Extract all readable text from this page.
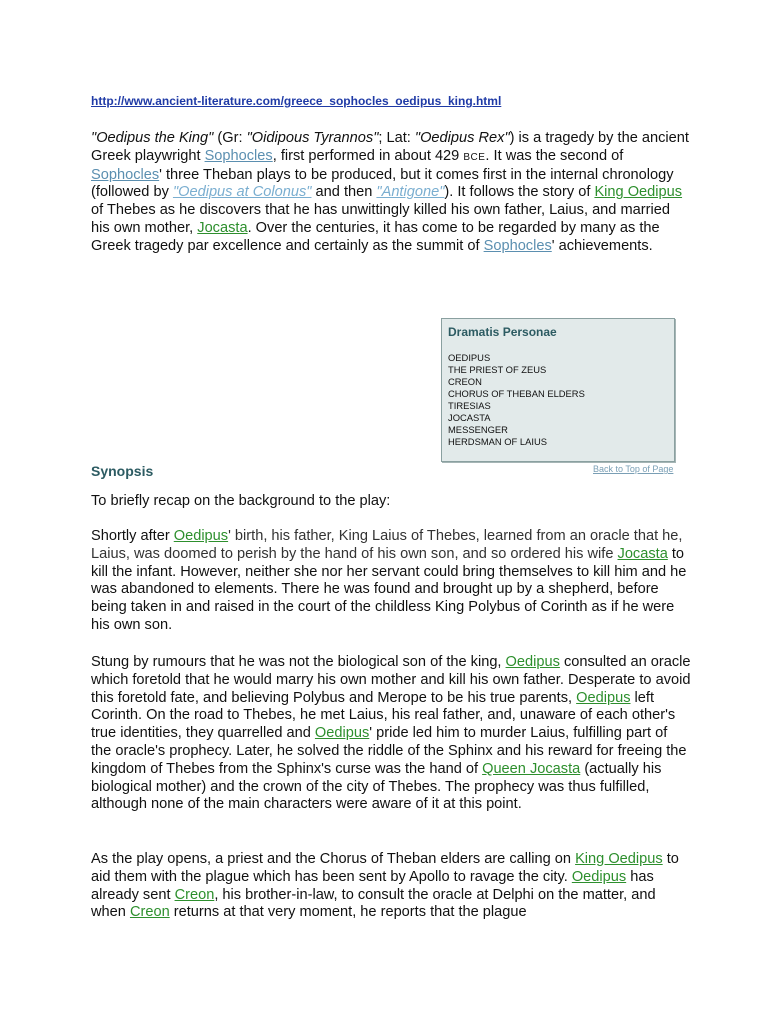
http://www.ancient-literature.com/greece_sophocles_oedipus_king.html

"Oedipus the King" (Gr: "Oidipous Tyrannos"; Lat: "Oedipus Rex") is a tragedy by the ancient Greek playwright Sophocles, first performed in about 429 BCE. It was the second of Sophocles' three Theban plays to be produced, but it comes first in the internal chronology (followed by "Oedipus at Colonus" and then "Antigone"). It follows the story of King Oedipus of Thebes as he discovers that he has unwittingly killed his own father, Laius, and married his own mother, Jocasta. Over the centuries, it has come to be regarded by many as the Greek tragedy par excellence and certainly as the summit of Sophocles' achievements.

Dramatis Personae
OEDIPUS
THE PRIEST OF ZEUS
CREON
CHORUS OF THEBAN ELDERS
TIRESIAS
JOCASTA
MESSENGER
HERDSMAN OF LAIUS
Back to Top of Page
Synopsis

To briefly recap on the background to the play:

Shortly after Oedipus' birth, his father, King Laius of Thebes, learned from an oracle that he, Laius, was doomed to perish by the hand of his own son, and so ordered his wife Jocasta to kill the infant. However, neither she nor her servant could bring themselves to kill him and he was abandoned to elements. There he was found and brought up by a shepherd, before being taken in and raised in the court of the childless King Polybus of Corinth as if he were his own son.

Stung by rumours that he was not the biological son of the king, Oedipus consulted an oracle which foretold that he would marry his own mother and kill his own father. Desperate to avoid this foretold fate, and believing Polybus and Merope to be his true parents, Oedipus left Corinth. On the road to Thebes, he met Laius, his real father, and, unaware of each other's true identities, they quarrelled and Oedipus' pride led him to murder Laius, fulfilling part of the oracle's prophecy. Later, he solved the riddle of the Sphinx and his reward for freeing the kingdom of Thebes from the Sphinx's curse was the hand of Queen Jocasta (actually his biological mother) and the crown of the city of Thebes. The prophecy was thus fulfilled, although none of the main characters were aware of it at this point.

As the play opens, a priest and the Chorus of Theban elders are calling on King Oedipus to aid them with the plague which has been sent by Apollo to ravage the city. Oedipus has already sent Creon, his brother-in-law, to consult the oracle at Delphi on the matter, and when Creon returns at that very moment, he reports that the plague
